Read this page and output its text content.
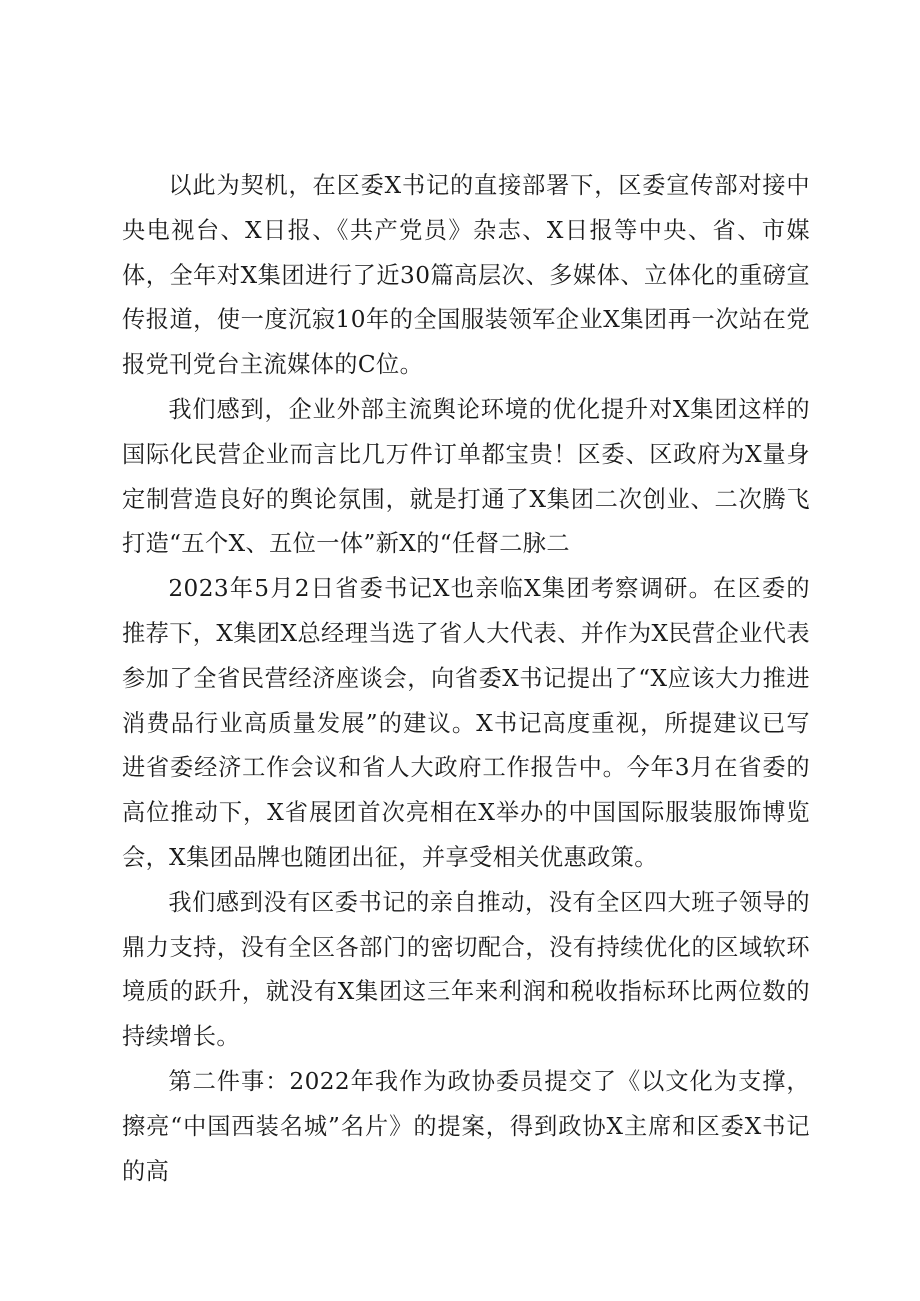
以此为契机，在区委X书记的直接部署下，区委宣传部对接中央电视台、X日报、《共产党员》杂志、X日报等中央、省、市媒体，全年对X集团进行了近30篇高层次、多媒体、立体化的重磅宣传报道，使一度沉寂10年的全国服装领军企业X集团再一次站在党报党刊党台主流媒体的C位。

我们感到，企业外部主流舆论环境的优化提升对X集团这样的国际化民营企业而言比几万件订单都宝贵！区委、区政府为X量身定制营造良好的舆论氛围，就是打通了X集团二次创业、二次腾飞打造“五个X、五位一体”新X的“任督二脉二

2023年5月2日省委书记X也亲临X集团考察调研。在区委的推荐下，X集团X总经理当选了省人大代表、并作为X民营企业代表参加了全省民营经济座谈会，向省委X书记提出了“X应该大力推进消费品行业高质量发展”的建议。X书记高度重视，所提建议已写进省委经济工作会议和省人大政府工作报告中。今年3月在省委的高位推动下，X省展团首次亮相在X举办的中国国际服装服饰博览会，X集团品牌也随团出征，并享受相关优惠政策。

我们感到没有区委书记的亲自推动，没有全区四大班子领导的鼎力支持，没有全区各部门的密切配合，没有持续优化的区域软环境质的跃升，就没有X集团这三年来利润和税收指标环比两位数的持续增长。

第二件事：2022年我作为政协委员提交了《以文化为支撑，擦亮“中国西装名城”名片》的提案，得到政协X主席和区委X书记的高
